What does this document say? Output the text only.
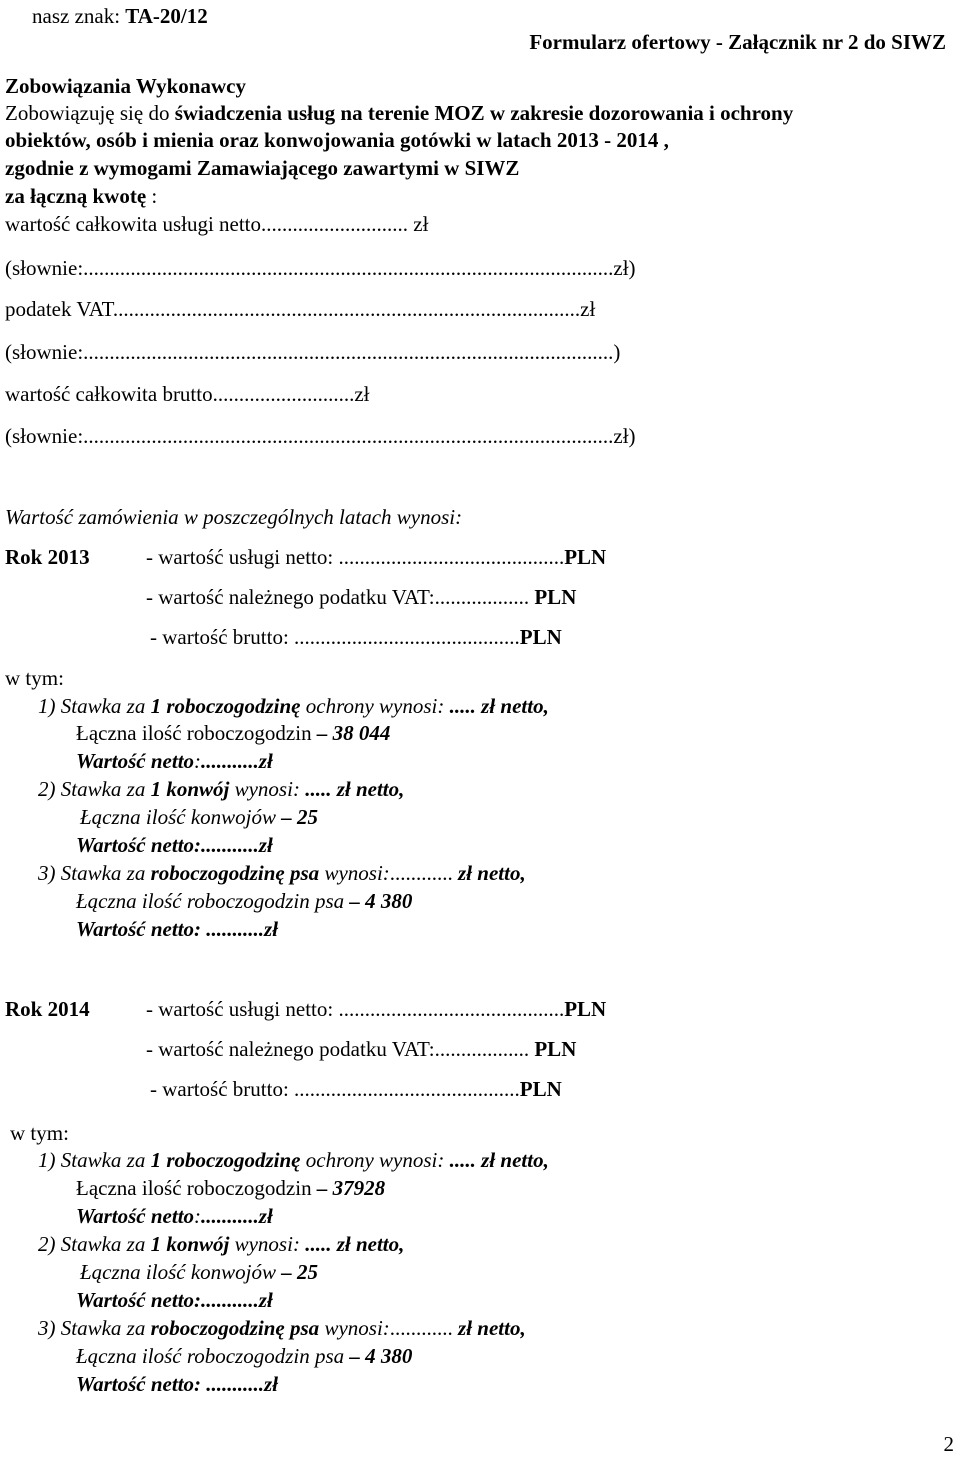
nasz znak: TA-20/12
Formularz ofertowy - Załącznik nr 2 do SIWZ
Zobowiązania Wykonawcy
Zobowiązuję się do świadczenia usług na terenie MOZ w zakresie dozorowania i ochrony
obiektów, osób i mienia oraz konwojowania gotówki w latach 2013 - 2014 ,
zgodnie z wymogami Zamawiającego zawartymi w SIWZ
za łączną kwotę :
wartość całkowita usługi netto............................ zł
(słownie:.....................................................................................................zł)
podatek VAT.........................................................................................zł
(słownie:.....................................................................................................)
wartość całkowita brutto...........................zł
(słownie:.....................................................................................................zł)
Wartość zamówienia w poszczególnych latach wynosi:
Rok 2013	- wartość usługi netto: ...........................................PLN
- wartość należnego podatku VAT:.................. PLN
- wartość brutto: ...........................................PLN
w tym:
1) Stawka za 1 roboczogodzinę ochrony wynosi: ..... zł netto,
Łączna ilość roboczogodzin – 38 044
Wartość netto:...........zł
2) Stawka za 1 konwój wynosi: ..... zł netto,
Łączna ilość konwojów – 25
Wartość netto:...........zł
3) Stawka za roboczogodzinę psa wynosi:............ zł netto,
Łączna ilość roboczogodzin psa – 4 380
Wartość netto: ...........zł
Rok 2014	- wartość usługi netto: ...........................................PLN
- wartość należnego podatku VAT:.................. PLN
- wartość brutto: ...........................................PLN
w tym:
1) Stawka za 1 roboczogodzinę ochrony wynosi: ..... zł netto,
Łączna ilość roboczogodzin – 37928
Wartość netto:...........zł
2) Stawka za 1 konwój wynosi: ..... zł netto,
Łączna ilość konwojów – 25
Wartość netto:...........zł
3) Stawka za roboczogodzinę psa wynosi:............ zł netto,
Łączna ilość roboczogodzin psa – 4 380
Wartość netto: ...........zł
2
